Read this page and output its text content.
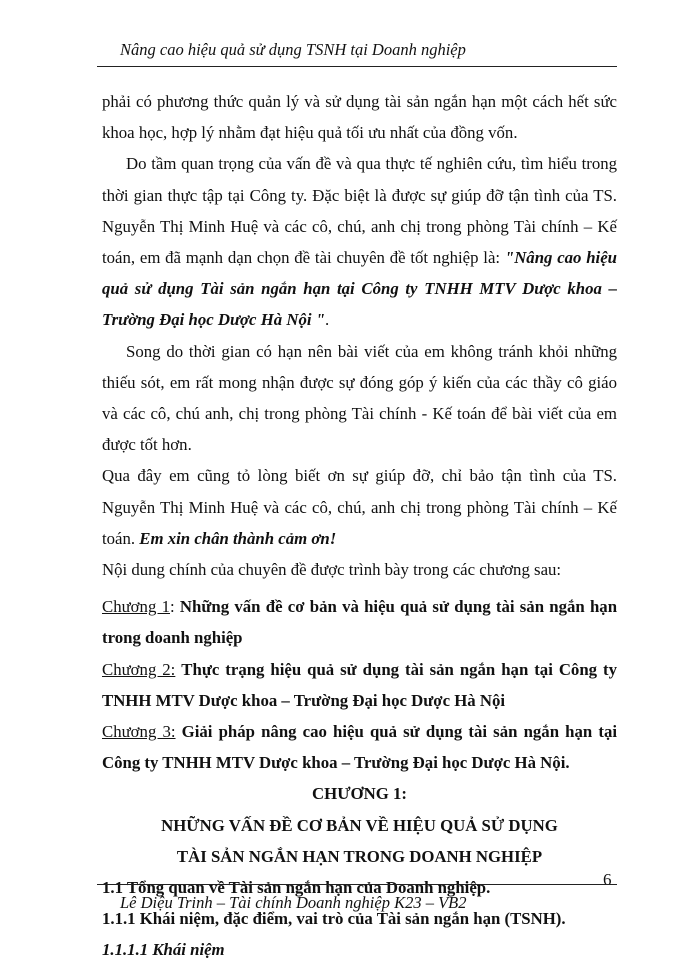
Nâng cao hiệu quả sử dụng TSNH tại Doanh nghiệp

phải có phương thức quản lý và sử dụng tài sản ngắn hạn một cách hết sức khoa học, hợp lý nhằm đạt hiệu quả tối ưu nhất của đồng vốn.

Do tầm quan trọng của vấn đề và qua thực tế nghiên cứu, tìm hiểu trong thời gian thực tập tại Công ty. Đặc biệt là được sự giúp đỡ tận tình của TS. Nguyễn Thị Minh Huệ và các cô, chú, anh chị trong phòng Tài chính – Kế toán, em đã mạnh dạn chọn đề tài chuyên đề tốt nghiệp là: "Nâng cao hiệu quả sử dụng Tài sản ngắn hạn tại Công ty TNHH MTV Dược khoa – Trường Đại học Dược Hà Nội ".

Song do thời gian có hạn nên bài viết của em không tránh khỏi những thiếu sót, em rất mong nhận được sự đóng góp ý kiến của các thầy cô giáo và các cô, chú anh, chị trong phòng Tài chính - Kế toán để bài viết của em được tốt hơn.

Qua đây em cũng tỏ lòng biết ơn sự giúp đỡ, chỉ bảo tận tình của TS. Nguyễn Thị Minh Huệ và các cô, chú, anh chị trong phòng Tài chính – Kế toán. Em xin chân thành cảm ơn!

Nội dung chính của chuyên đề được trình bày trong các chương sau:

Chương 1: Những vấn đề cơ bản và hiệu quả sử dụng tài sản ngắn hạn trong doanh nghiệp

Chương 2: Thực trạng hiệu quả sử dụng tài sản ngắn hạn tại Công ty TNHH MTV Dược khoa – Trường Đại học Dược Hà Nội

Chương 3: Giải pháp nâng cao hiệu quả sử dụng tài sản ngắn hạn tại Công ty TNHH MTV Dược khoa – Trường Đại học Dược Hà Nội.

CHƯƠNG 1:

NHỮNG VẤN ĐỀ CƠ BẢN VỀ HIỆU QUẢ SỬ DỤNG

TÀI SẢN NGẮN HẠN TRONG DOANH NGHIỆP

1.1 Tổng quan về Tài sản ngắn hạn của Doanh nghiệp.

1.1.1 Khái niệm, đặc điểm, vai trò của Tài sản ngắn hạn (TSNH).

1.1.1.1 Khái niệm

6
Lê Diệu Trinh – Tài chính Doanh nghiệp K23 – VB2
